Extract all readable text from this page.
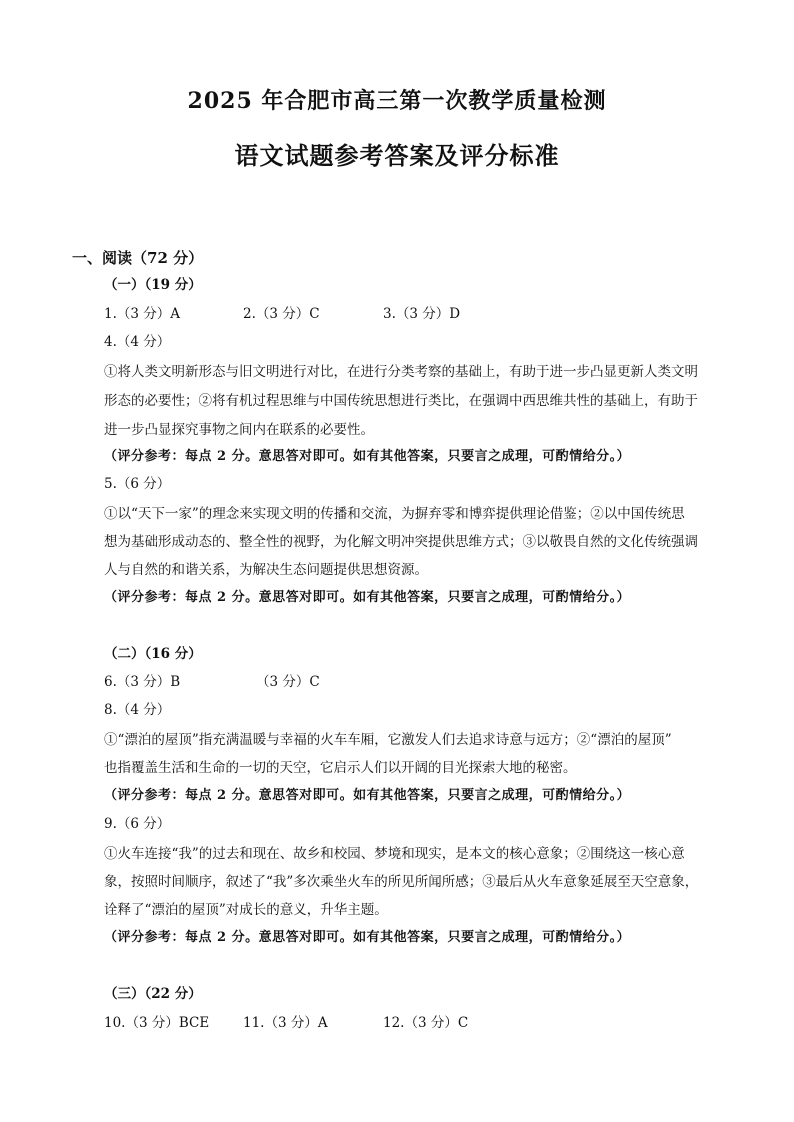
2025 年合肥市高三第一次教学质量检测
语文试题参考答案及评分标准
一、阅读（72 分）
（一）（19 分）
1.（3 分）A	2.（3 分）C	3.（3 分）D
4.（4 分）
①将人类文明新形态与旧文明进行对比，在进行分类考察的基础上，有助于进一步凸显更新人类文明
形态的必要性；②将有机过程思维与中国传统思想进行类比，在强调中西思维共性的基础上，有助于
进一步凸显探究事物之间内在联系的必要性。
（评分参考：每点 2 分。意思答对即可。如有其他答案，只要言之成理，可酌情给分。）
5.（6 分）
①以“天下一家”的理念来实现文明的传播和交流，为摒弃零和博弈提供理论借鉴；②以中国传统思
想为基础形成动态的、整全性的视野，为化解文明冲突提供思维方式；③以敬畏自然的文化传统强调
人与自然的和谐关系，为解决生态问题提供思想资源。
（评分参考：每点 2 分。意思答对即可。如有其他答案，只要言之成理，可酌情给分。）
（二）（16 分）
6.（3 分）B	（3 分）C
8.（4 分）
①“漂泊的屋顶”指充满温暖与幸福的火车车厢，它激发人们去追求诗意与远方；②“漂泊的屋顶”
也指覆盖生活和生命的一切的天空，它启示人们以开阔的目光探索大地的秘密。
（评分参考：每点 2 分。意思答对即可。如有其他答案，只要言之成理，可酌情给分。）
9.（6 分）
①火车连接“我”的过去和现在、故乡和校园、梦境和现实，是本文的核心意象；②围绕这一核心意
象，按照时间顺序，叙述了“我”多次乘坐火车的所见所闻所感；③最后从火车意象延展至天空意象，
诠释了“漂泊的屋顶”对成长的意义，升华主题。
（评分参考：每点 2 分。意思答对即可。如有其他答案，只要言之成理，可酌情给分。）
（三）（22 分）
10.（3 分）BCE	11.（3 分）A	12.（3 分）C
